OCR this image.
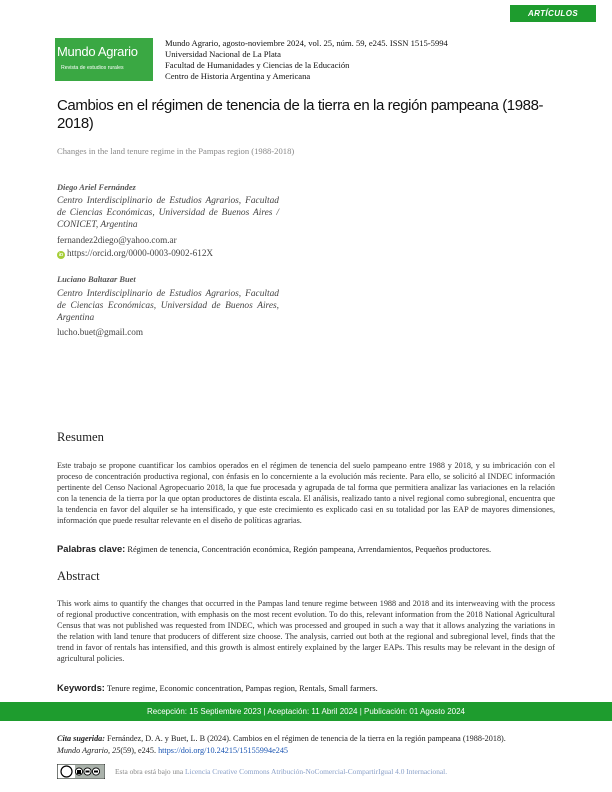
ARTÍCULOS
Mundo Agrario
Revista de estudios rurales
Mundo Agrario, agosto-noviembre 2024, vol. 25, núm. 59, e245. ISSN 1515-5994
Universidad Nacional de La Plata
Facultad de Humanidades y Ciencias de la Educación
Centro de Historia Argentina y Americana
Cambios en el régimen de tenencia de la tierra en la región pampeana (1988-2018)
Changes in the land tenure regime in the Pampas region (1988-2018)
Diego Ariel Fernández
Centro Interdisciplinario de Estudios Agrarios, Facultad de Ciencias Económicas, Universidad de Buenos Aires / CONICET, Argentina
fernandez2diego@yahoo.com.ar
iD https://orcid.org/0000-0003-0902-612X
Luciano Baltazar Buet
Centro Interdisciplinario de Estudios Agrarios, Facultad de Ciencias Económicas, Universidad de Buenos Aires, Argentina
lucho.buet@gmail.com
Resumen
Este trabajo se propone cuantificar los cambios operados en el régimen de tenencia del suelo pampeano entre 1988 y 2018, y su imbricación con el proceso de concentración productiva regional, con énfasis en lo concerniente a la evolución más reciente. Para ello, se solicitó al INDEC información pertinente del Censo Nacional Agropecuario 2018, la que fue procesada y agrupada de tal forma que permitiera analizar las variaciones en la relación con la tenencia de la tierra por la que optan productores de distinta escala. El análisis, realizado tanto a nivel regional como subregional, encuentra que la tendencia en favor del alquiler se ha intensificado, y que este crecimiento es explicado casi en su totalidad por las EAP de mayores dimensiones, información que puede resultar relevante en el diseño de políticas agrarias.
Palabras clave: Régimen de tenencia, Concentración económica, Región pampeana, Arrendamientos, Pequeños productores.
Abstract
This work aims to quantify the changes that occurred in the Pampas land tenure regime between 1988 and 2018 and its interweaving with the process of regional productive concentration, with emphasis on the most recent evolution. To do this, relevant information from the 2018 National Agricultural Census that was not published was requested from INDEC, which was processed and grouped in such a way that it allows analyzing the variations in the relation with land tenure that producers of different size choose. The analysis, carried out both at the regional and subregional level, finds that the trend in favor of rentals has intensified, and this growth is almost entirely explained by the larger EAPs. This results may be relevant in the design of agricultural policies.
Keywords: Tenure regime, Economic concentration, Pampas region, Rentals, Small farmers.
Recepción: 15 Septiembre 2023 | Aceptación: 11 Abril 2024 | Publicación: 01 Agosto 2024
Cita sugerida: Fernández, D. A. y Buet, L. B (2024). Cambios en el régimen de tenencia de la tierra en la región pampeana (1988-2018).
Mundo Agrario, 25(59), e245. https://doi.org/10.24215/15155994e245
Esta obra está bajo una Licencia Creative Commons Atribución-NoComercial-CompartirIgual 4.0 Internacional.
